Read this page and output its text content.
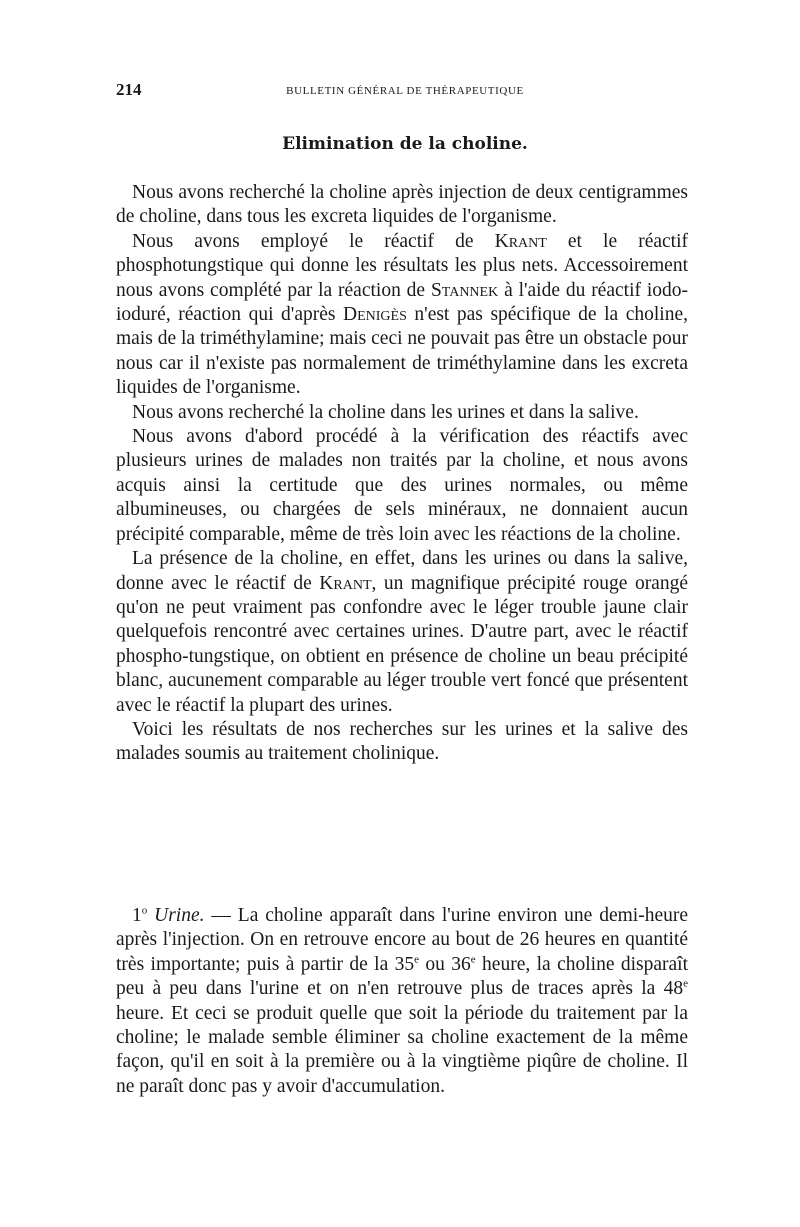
214	BULLETIN GÉNÉRAL DE THÉRAPEUTIQUE
Elimination de la choline.

Nous avons recherché la choline après injection de deux centigrammes de choline, dans tous les excreta liquides de l'organisme.

Nous avons employé le réactif de Krant et le réactif phosphotungstique qui donne les résultats les plus nets. Accessoirement nous avons complété par la réaction de Stannek à l'aide du réactif iodo-ioduré, réaction qui d'après Denigès n'est pas spécifique de la choline, mais de la triméthylamine; mais ceci ne pouvait pas être un obstacle pour nous car il n'existe pas normalement de triméthylamine dans les excreta liquides de l'organisme.

Nous avons recherché la choline dans les urines et dans la salive.

Nous avons d'abord procédé à la vérification des réactifs avec plusieurs urines de malades non traités par la choline, et nous avons acquis ainsi la certitude que des urines normales, ou même albumineuses, ou chargées de sels minéraux, ne donnaient aucun précipité comparable, même de très loin avec les réactions de la choline.

La présence de la choline, en effet, dans les urines ou dans la salive, donne avec le réactif de Krant, un magnifique précipité rouge orangé qu'on ne peut vraiment pas confondre avec le léger trouble jaune clair quelquefois rencontré avec certaines urines. D'autre part, avec le réactif phospho-tungstique, on obtient en présence de choline un beau précipité blanc, aucunement comparable au léger trouble vert foncé que présentent avec le réactif la plupart des urines.

Voici les résultats de nos recherches sur les urines et la salive des malades soumis au traitement cholinique.

1$^o$ Urine. — La choline apparaît dans l'urine environ une demi-heure après l'injection. On en retrouve encore au bout de 26 heures en quantité très importante; puis à partir de la 35e ou 36e heure, la choline disparaît peu à peu dans l'urine et on n'en retrouve plus de traces après la 48e heure. Et ceci se produit quelle que soit la période du traitement par la choline; le malade semble éliminer sa choline exactement de la même façon, qu'il en soit à la première ou à la vingtième piqûre de choline. Il ne paraît donc pas y avoir d'accumulation.
